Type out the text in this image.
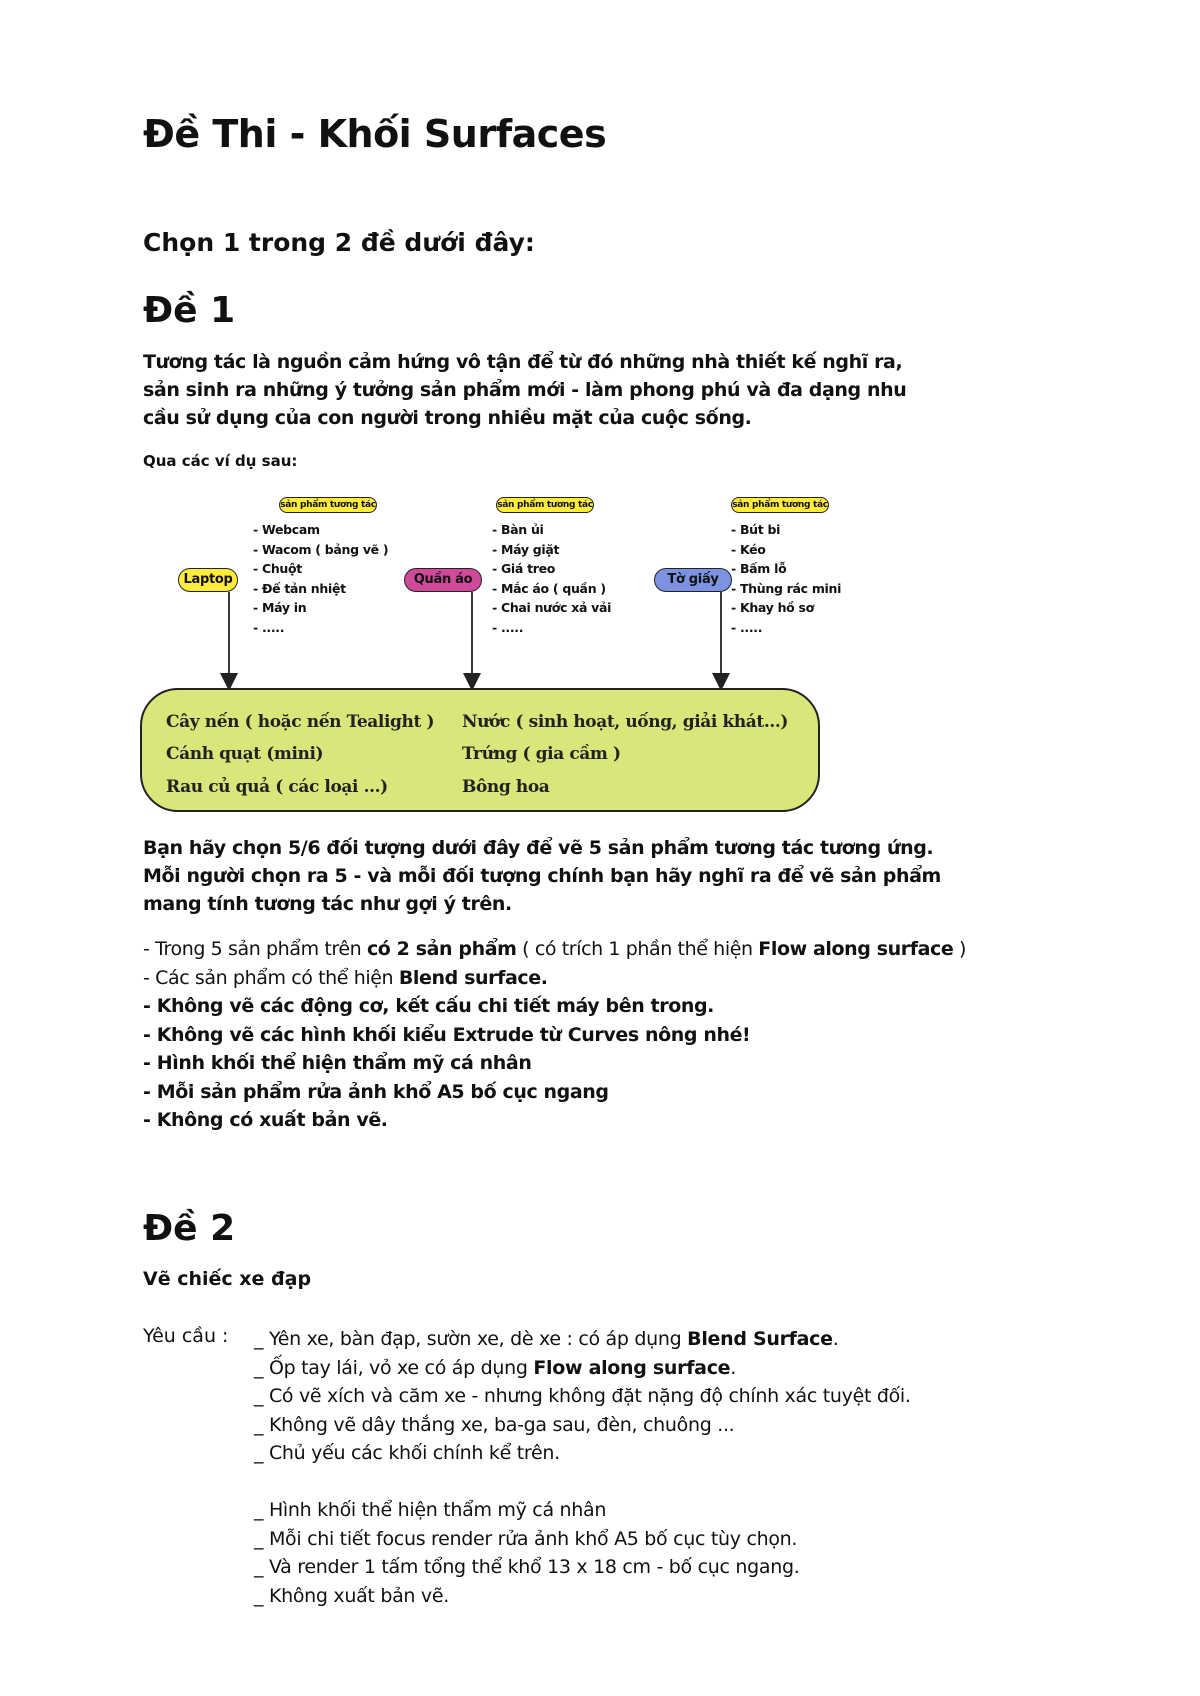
Đề Thi - Khối Surfaces
Chọn 1 trong 2 đề dưới đây:
Đề 1
Tương tác là nguồn cảm hứng vô tận để từ đó những nhà thiết kế nghĩ ra,
sản sinh ra những ý tưởng sản phẩm mới - làm phong phú và đa dạng nhu
cầu sử dụng của con người trong nhiều mặt của cuộc sống.
Qua các ví dụ sau:
sản phẩm tương tác
- Webcam
- Wacom ( bảng vẽ )
- Chuột
- Đế tản nhiệt
- Máy in
- .....
Laptop
sản phẩm tương tác
- Bàn ủi
- Máy giặt
- Giá treo
- Mắc áo ( quần )
- Chai nước xả vải
- .....
Quần áo
sản phẩm tương tác
- Bút bi
- Kéo
- Bấm lỗ
- Thùng rác mini
- Khay hồ sơ
- .....
Tờ giấy
Cây nến ( hoặc nến Tealight )
Cánh quạt (mini)
Rau củ quả ( các loại ...)
Nước ( sinh hoạt, uống, giải khát...)
Trứng ( gia cầm )
Bông hoa
Bạn hãy chọn 5/6 đối tượng dưới đây để vẽ 5 sản phẩm tương tác tương ứng.
Mỗi người chọn ra 5 - và mỗi đối tượng chính bạn hãy nghĩ ra để vẽ sản phẩm
mang tính tương tác như gợi ý trên.
- Trong 5 sản phẩm trên có 2 sản phẩm ( có trích 1 phần thể hiện Flow along surface )
- Các sản phẩm có thể hiện Blend surface.
- Không vẽ các động cơ, kết cấu chi tiết máy bên trong.
- Không vẽ các hình khối kiểu Extrude từ Curves nông nhé!
- Hình khối thể hiện thẩm mỹ cá nhân
- Mỗi sản phẩm rửa ảnh khổ A5 bố cục ngang
- Không có xuất bản vẽ.
Đề 2
Vẽ chiếc xe đạp
Yêu cầu : _ Yên xe, bàn đạp, sườn xe, dè xe : có áp dụng Blend Surface.
_ Ốp tay lái, vỏ xe có áp dụng Flow along surface.
_ Có vẽ xích và căm xe - nhưng không đặt nặng độ chính xác tuyệt đối.
_ Không vẽ dây thắng xe, ba-ga sau, đèn, chuông ...
_ Chủ yếu các khối chính kể trên.
_ Hình khối thể hiện thẩm mỹ cá nhân
_ Mỗi chi tiết focus render rửa ảnh khổ A5 bố cục tùy chọn.
_ Và render 1 tấm tổng thể khổ 13 x 18 cm - bố cục ngang.
_ Không xuất bản vẽ.
